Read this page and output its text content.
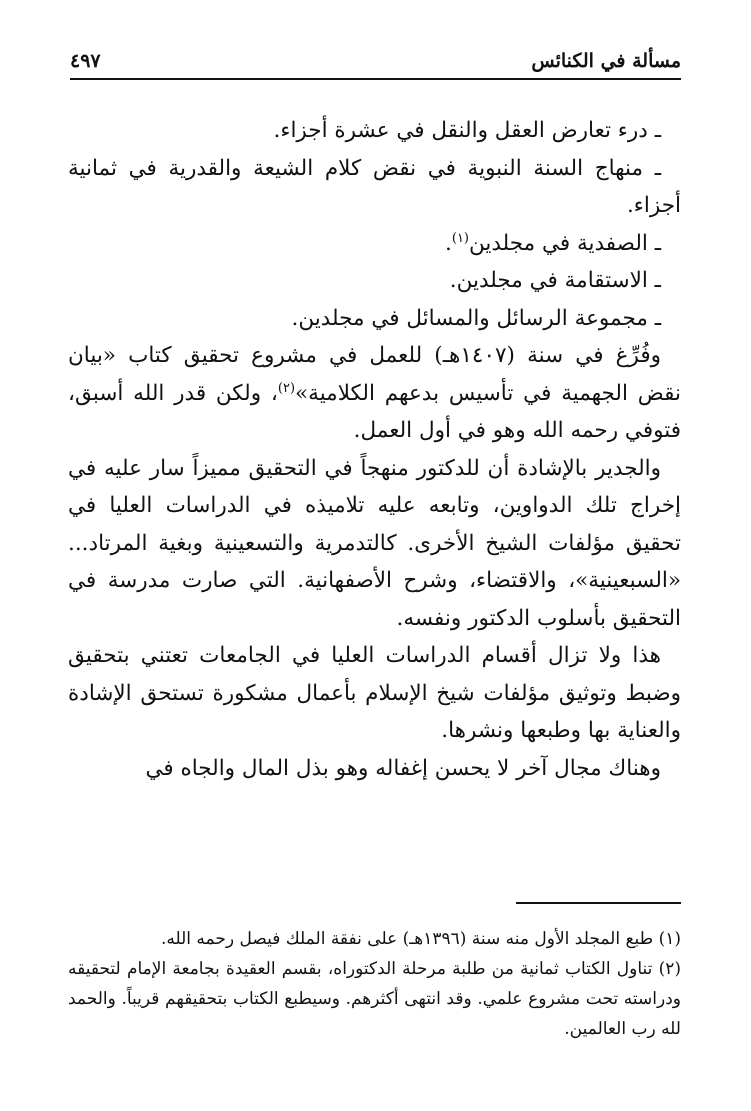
مسألة في الكنائس
٤٩٧

ـ درء تعارض العقل والنقل في عشرة أجزاء.

ـ منهاج السنة النبوية في نقض كلام الشيعة والقدرية في ثمانية أجزاء.

ـ الصفدية في مجلدين$^{(١)}$.

ـ الاستقامة في مجلدين.

ـ مجموعة الرسائل والمسائل في مجلدين.

وفُرِّغ في سنة (١٤٠٧هـ) للعمل في مشروع تحقيق كتاب «بيان نقض الجهمية في تأسيس بدعهم الكلامية»$^{(٢)}$، ولكن قدر الله أسبق، فتوفي رحمه الله وهو في أول العمل.

والجدير بالإشادة أن للدكتور منهجاً في التحقيق مميزاً سار عليه في إخراج تلك الدواوين، وتابعه عليه تلاميذه في الدراسات العليا في تحقيق مؤلفات الشيخ الأخرى. كالتدمرية والتسعينية وبغية المرتاد... «السبعينية»، والاقتضاء، وشرح الأصفهانية. التي صارت مدرسة في التحقيق بأسلوب الدكتور ونفسه.

هذا ولا تزال أقسام الدراسات العليا في الجامعات تعتني بتحقيق وضبط وتوثيق مؤلفات شيخ الإسلام بأعمال مشكورة تستحق الإشادة والعناية بها وطبعها ونشرها.

وهناك مجال آخر لا يحسن إغفاله وهو بذل المال والجاه في

(١) طبع المجلد الأول منه سنة (١٣٩٦هـ) على نفقة الملك فيصل رحمه الله.

(٢) تناول الكتاب ثمانية من طلبة مرحلة الدكتوراه، بقسم العقيدة بجامعة الإمام لتحقيقه ودراسته تحت مشروع علمي. وقد انتهى أكثرهم. وسيطبع الكتاب بتحقيقهم قريباً. والحمد لله رب العالمين.
